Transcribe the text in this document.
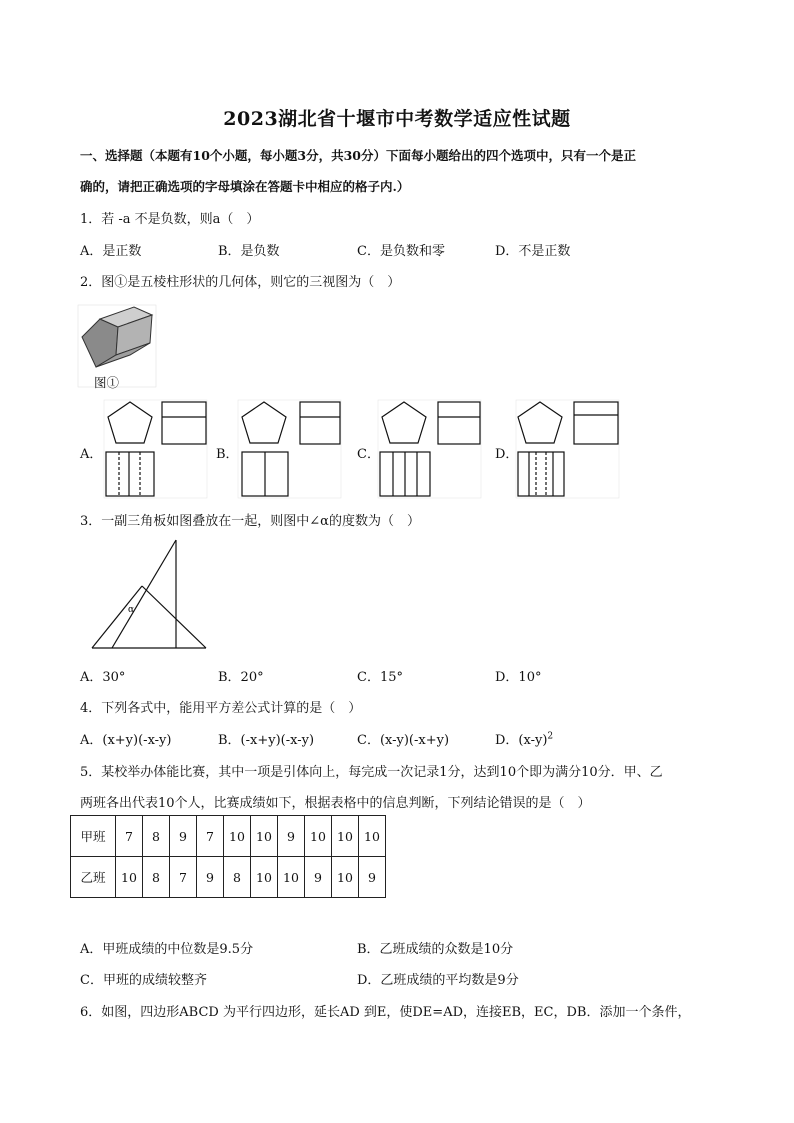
2023湖北省十堰市中考数学适应性试题
一、选择题（本题有10个小题，每小题3分，共30分）下面每小题给出的四个选项中，只有一个是正
确的，请把正确选项的字母填涂在答题卡中相应的格子内.）
1．若 -a 不是负数，则a（　）
A．是正数	B．是负数	C．是负数和零	D．不是正数
2．图①是五棱柱形状的几何体，则它的三视图为（　）
图①
A．	B．	C．	D．
3．一副三角板如图叠放在一起，则图中∠α的度数为（　）
α
A．30°	B．20°	C．15°	D．10°
4．下列各式中，能用平方差公式计算的是（　）
A．(x+y)(-x-y)	B．(-x+y)(-x-y)	C．(x-y)(-x+y)	D．$(x-y)^2$
5．某校举办体能比赛，其中一项是引体向上，每完成一次记录1分，达到10个即为满分10分．甲、乙
两班各出代表10个人，比赛成绩如下，根据表格中的信息判断，下列结论错误的是（　）
甲班	7	8	9	7	10	10	9	10	10	10
乙班	10	8	7	9	8	10	10	9	10	9
A．甲班成绩的中位数是9.5分	B．乙班成绩的众数是10分
C．甲班的成绩较整齐	D．乙班成绩的平均数是9分
6．如图，四边形ABCD 为平行四边形，延长AD 到E，使DE=AD，连接EB，EC，DB．添加一个条件，
